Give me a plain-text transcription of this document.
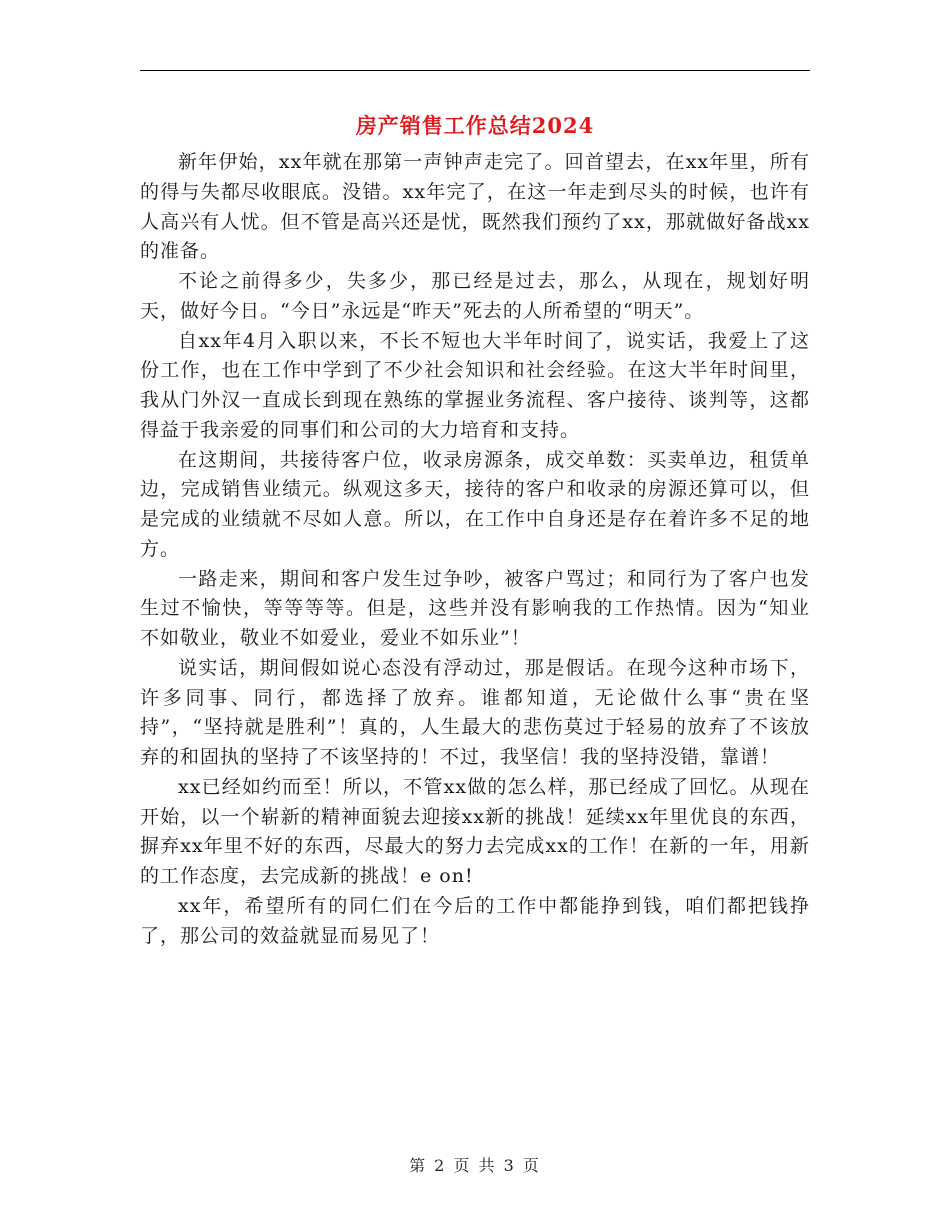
房产销售工作总结2024

新年伊始，xx年就在那第一声钟声走完了。回首望去，在xx年里，所有的得与失都尽收眼底。没错。xx年完了，在这一年走到尽头的时候，也许有人高兴有人忧。但不管是高兴还是忧，既然我们预约了xx，那就做好备战xx的准备。

不论之前得多少，失多少，那已经是过去，那么，从现在，规划好明天，做好今日。“今日”永远是“昨天”死去的人所希望的“明天”。

自xx年4月入职以来，不长不短也大半年时间了，说实话，我爱上了这份工作，也在工作中学到了不少社会知识和社会经验。在这大半年时间里，我从门外汉一直成长到现在熟练的掌握业务流程、客户接待、谈判等，这都得益于我亲爱的同事们和公司的大力培育和支持。

在这期间，共接待客户位，收录房源条，成交单数：买卖单边，租赁单边，完成销售业绩元。纵观这多天，接待的客户和收录的房源还算可以，但是完成的业绩就不尽如人意。所以，在工作中自身还是存在着许多不足的地方。

一路走来，期间和客户发生过争吵，被客户骂过；和同行为了客户也发生过不愉快，等等等等。但是，这些并没有影响我的工作热情。因为“知业不如敬业，敬业不如爱业，爱业不如乐业”！

说实话，期间假如说心态没有浮动过，那是假话。在现今这种市场下，许多同事、同行，都选择了放弃。谁都知道，无论做什么事“贵在坚持”，“坚持就是胜利”！真的，人生最大的悲伤莫过于轻易的放弃了不该放弃的和固执的坚持了不该坚持的！不过，我坚信！我的坚持没错，靠谱！

xx已经如约而至！所以，不管xx做的怎么样，那已经成了回忆。从现在开始，以一个崭新的精神面貌去迎接xx新的挑战！延续xx年里优良的东西，摒弃xx年里不好的东西，尽最大的努力去完成xx的工作！在新的一年，用新的工作态度，去完成新的挑战！e on!

xx年，希望所有的同仁们在今后的工作中都能挣到钱，咱们都把钱挣了，那公司的效益就显而易见了！

第 2 页 共 3 页
